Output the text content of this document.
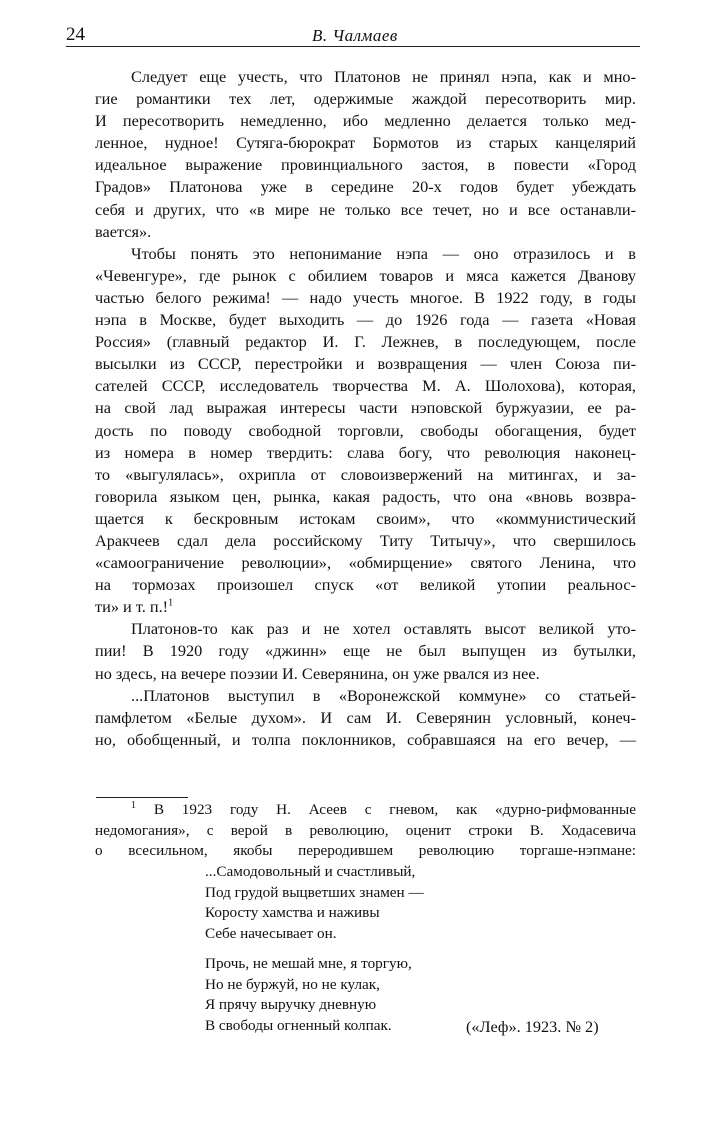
24	В. Чалмаев

Следует еще учесть, что Платонов не принял нэпа, как и мно-
гие романтики тех лет, одержимые жаждой пересотворить мир.
И пересотворить немедленно, ибо медленно делается только мед-
ленное, нудное! Сутяга-бюрократ Бормотов из старых канцелярий
идеальное выражение провинциального застоя, в повести «Город
Градов» Платонова уже в середине 20-х годов будет убеждать
себя и других, что «в мире не только все течет, но и все останавли-
вается».

Чтобы понять это непонимание нэпа — оно отразилось и в
«Чевенгуре», где рынок с обилием товаров и мяса кажется Дванову
частью белого режима! — надо учесть многое. В 1922 году, в годы
нэпа в Москве, будет выходить — до 1926 года — газета «Новая
Россия» (главный редактор И. Г. Лежнев, в последующем, после
высылки из СССР, перестройки и возвращения — член Союза пи-
сателей СССР, исследователь творчества М. А. Шолохова), которая,
на свой лад выражая интересы части нэповской буржуазии, ее ра-
дость по поводу свободной торговли, свободы обогащения, будет
из номера в номер твердить: слава богу, что революция наконец-
то «выгулялась», охрипла от словоизвержений на митингах, и за-
говорила языком цен, рынка, какая радость, что она «вновь возвра-
щается к бескровным истокам своим», что «коммунистический
Аракчеев сдал дела российскому Титу Титычу», что свершилось
«самоограничение революции», «обмирщение» святого Ленина, что
на тормозах произошел спуск «от великой утопии реальнос-
ти» и т. п.!$^1$

Платонов-то как раз и не хотел оставлять высот великой уто-
пии! В 1920 году «джинн» еще не был выпущен из бутылки,
но здесь, на вечере поэзии И. Северянина, он уже рвался из нее.

...Платонов выступил в «Воронежской коммуне» со статьей-
памфлетом «Белые духом». И сам И. Северянин условный, конеч-
но, обобщенный, и толпа поклонников, собравшаяся на его вечер, —

$^1$ В 1923 году Н. Асеев с гневом, как «дурно-рифмованные
недомогания», с верой в революцию, оценит строки В. Ходасевича
о всесильном, якобы переродившем революцию торгаше-нэпмане:
...Самодовольный и счастливый,
Под грудой выцветших знамен —
Коросту хамства и наживы
Себе начесывает он.
Прочь, не мешай мне, я торгую,
Но не буржуй, но не кулак,
Я прячу выручку дневную
В свободы огненный колпак.	(«Леф». 1923. № 2)
